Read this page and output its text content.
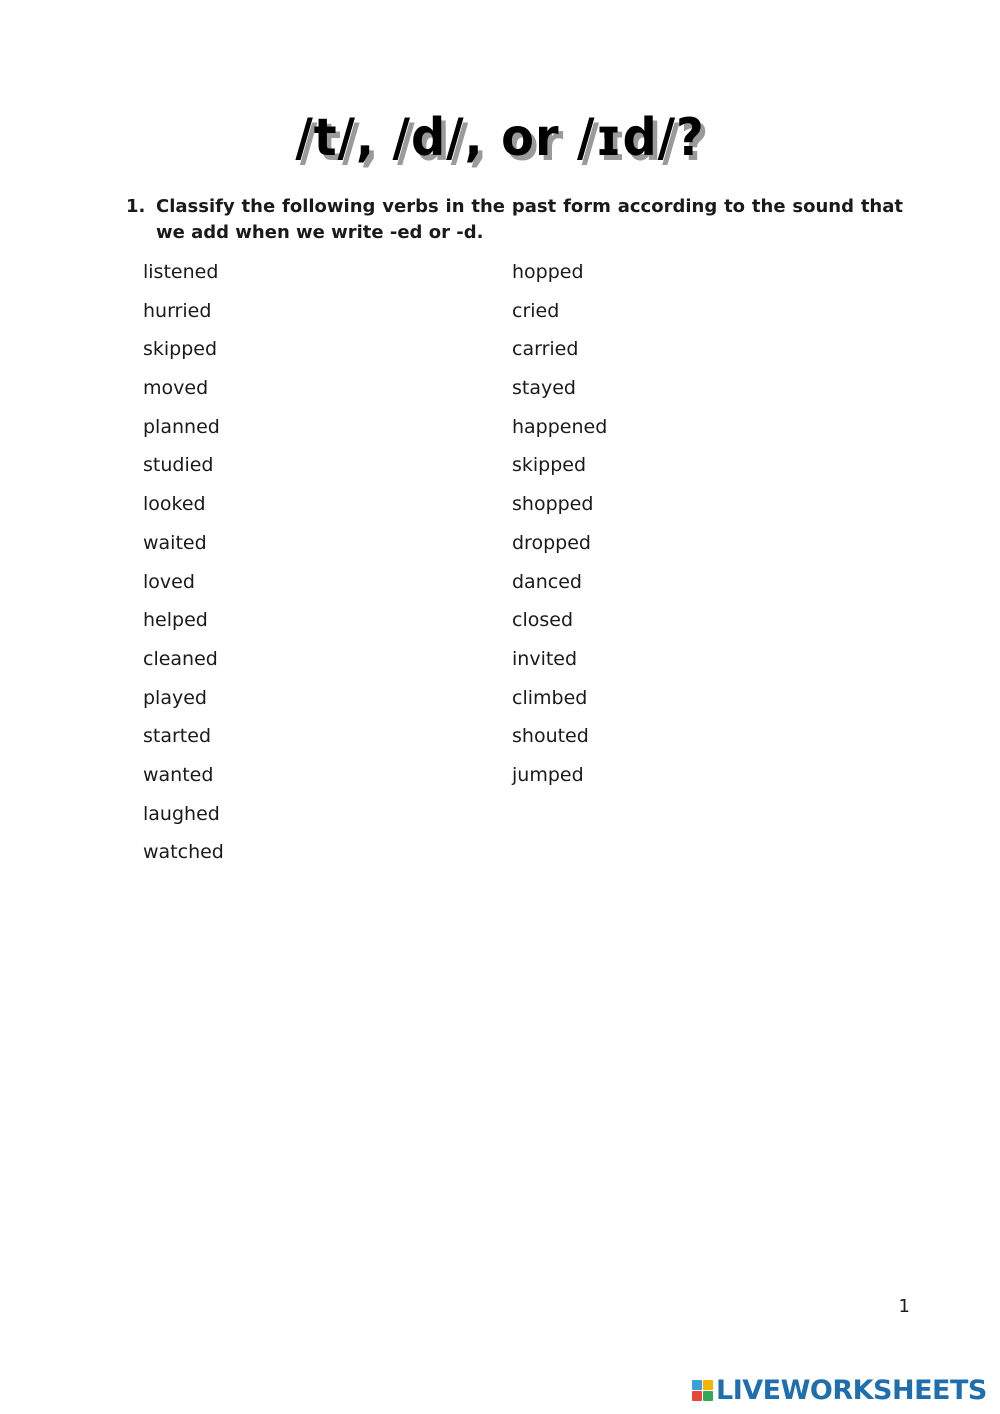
/t/, /d/, or /ɪd/?
1. Classify the following verbs in the past form according to the sound that we add when we write -ed or -d.
listened
hurried
skipped
moved
planned
studied
looked
waited
loved
helped
cleaned
played
started
wanted
laughed
watched
hopped
cried
carried
stayed
happened
skipped
shopped
dropped
danced
closed
invited
climbed
shouted
jumped
1
LIVEWORKSHEETS
